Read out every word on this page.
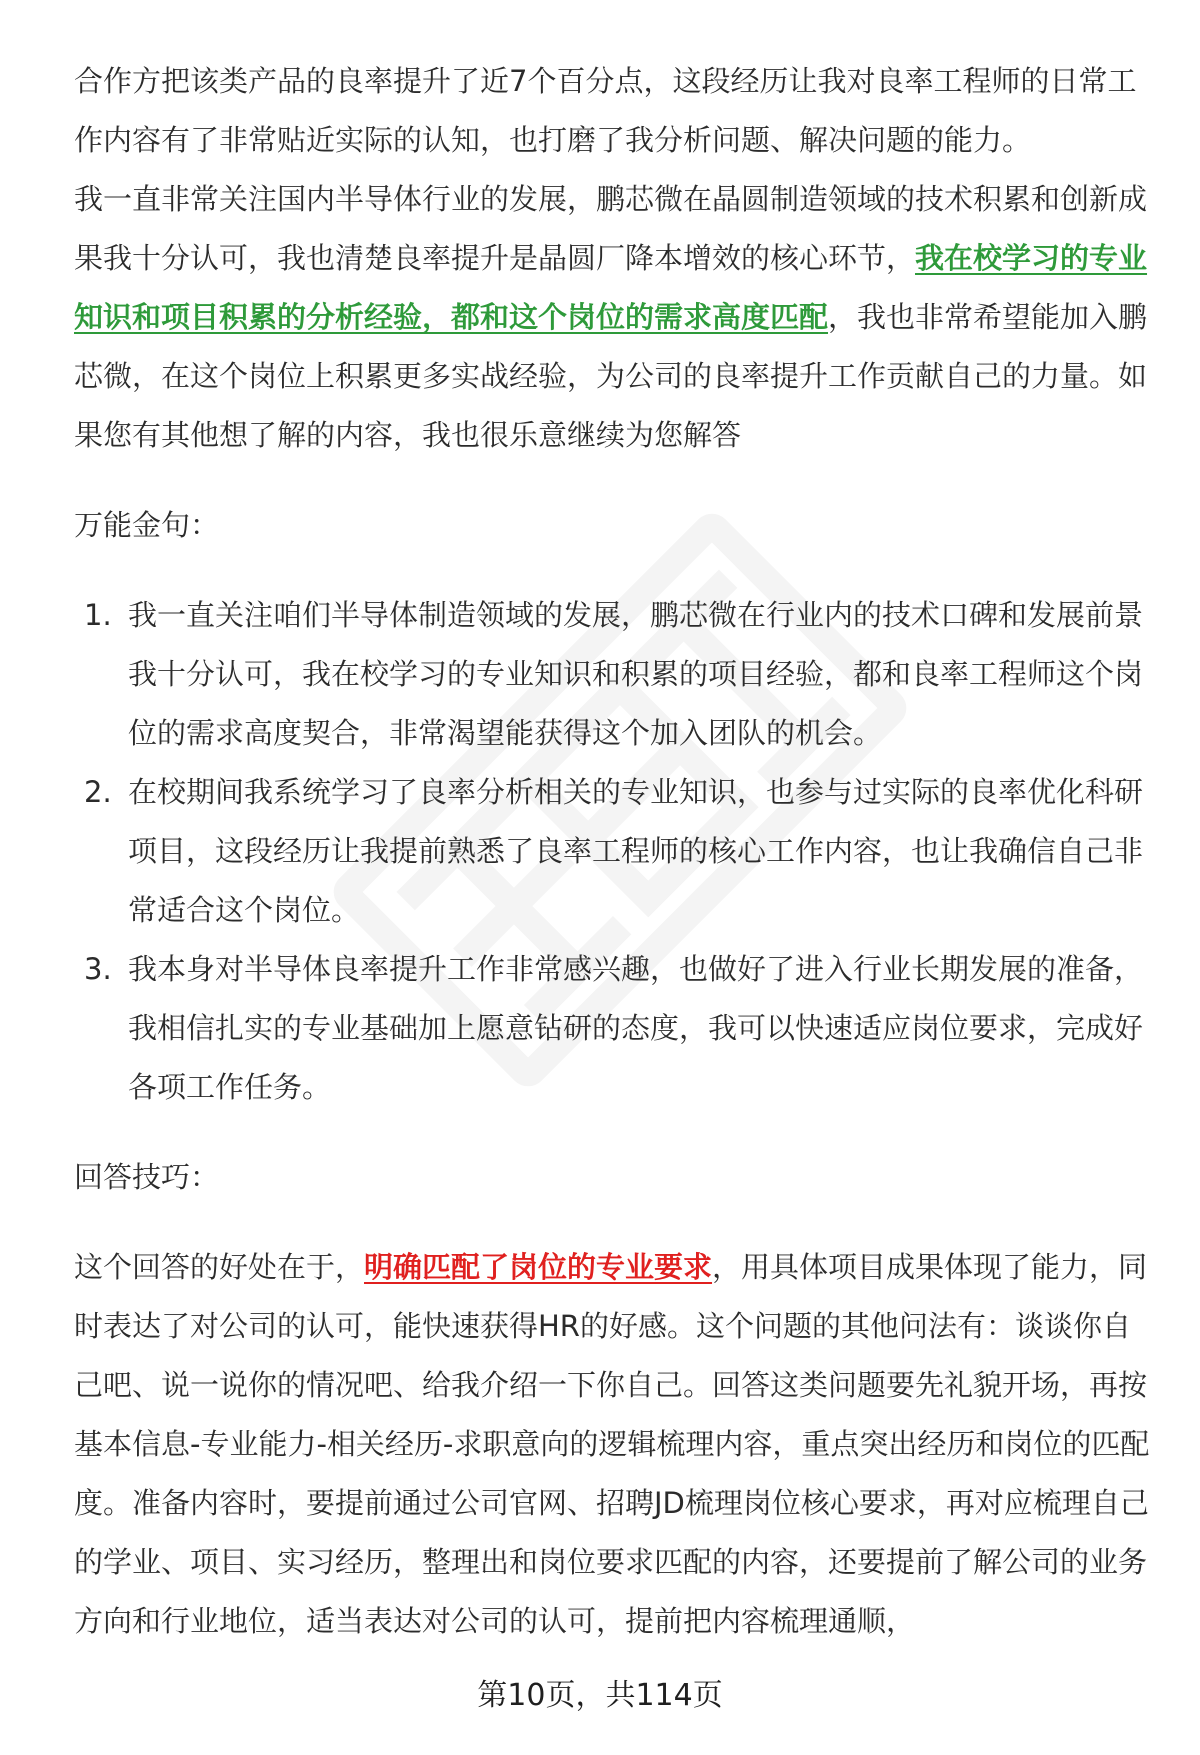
合作方把该类产品的良率提升了近7个百分点，这段经历让我对良率工程师的日常工作内容有了非常贴近实际的认知，也打磨了我分析问题、解决问题的能力。

我一直非常关注国内半导体行业的发展，鹏芯微在晶圆制造领域的技术积累和创新成果我十分认可，我也清楚良率提升是晶圆厂降本增效的核心环节，我在校学习的专业知识和项目积累的分析经验，都和这个岗位的需求高度匹配，我也非常希望能加入鹏芯微，在这个岗位上积累更多实战经验，为公司的良率提升工作贡献自己的力量。如果您有其他想了解的内容，我也很乐意继续为您解答

万能金句：

1. 我一直关注咱们半导体制造领域的发展，鹏芯微在行业内的技术口碑和发展前景我十分认可，我在校学习的专业知识和积累的项目经验，都和良率工程师这个岗位的需求高度契合，非常渴望能获得这个加入团队的机会。
2. 在校期间我系统学习了良率分析相关的专业知识，也参与过实际的良率优化科研项目，这段经历让我提前熟悉了良率工程师的核心工作内容，也让我确信自己非常适合这个岗位。
3. 我本身对半导体良率提升工作非常感兴趣，也做好了进入行业长期发展的准备，我相信扎实的专业基础加上愿意钻研的态度，我可以快速适应岗位要求，完成好各项工作任务。

回答技巧：

这个回答的好处在于，明确匹配了岗位的专业要求，用具体项目成果体现了能力，同时表达了对公司的认可，能快速获得HR的好感。这个问题的其他问法有：谈谈你自己吧、说一说你的情况吧、给我介绍一下你自己。回答这类问题要先礼貌开场，再按基本信息-专业能力-相关经历-求职意向的逻辑梳理内容，重点突出经历和岗位的匹配度。准备内容时，要提前通过公司官网、招聘JD梳理岗位核心要求，再对应梳理自己的学业、项目、实习经历，整理出和岗位要求匹配的内容，还要提前了解公司的业务方向和行业地位，适当表达对公司的认可，提前把内容梳理通顺，

第10页，共114页
